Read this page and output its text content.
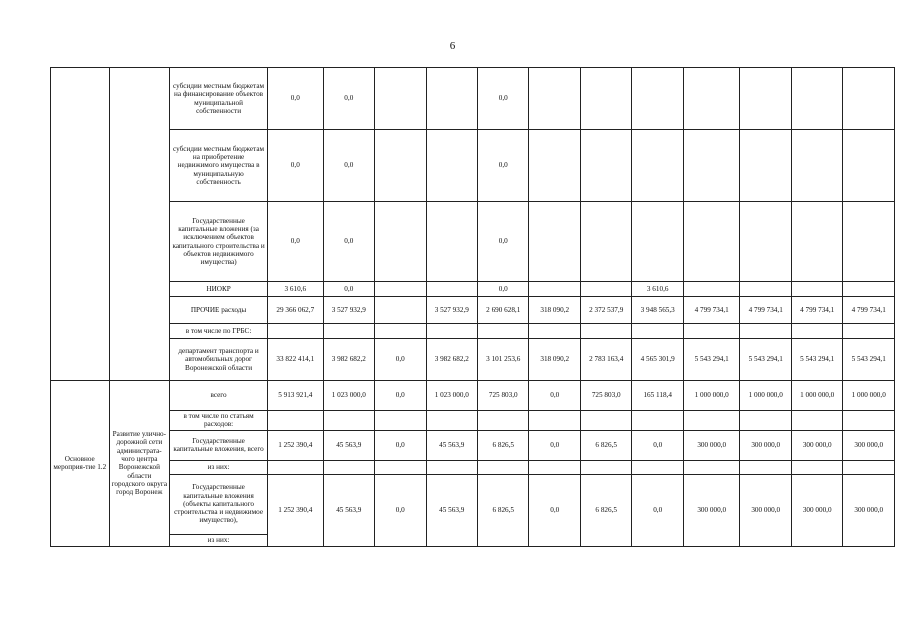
6
		субсидии местным бюджетам на финансирование объектов муниципальной собственности	0,0	0,0			0,0							
		субсидии местным бюджетам на приобретение недвижимого имущества в муниципальную собственность	0,0	0,0			0,0							
		Государственные капитальные вложения (за исключением объектов капитального строительства и объектов недвижимого имущества)	0,0	0,0			0,0							
		НИОКР	3 610,6	0,0			0,0			3 610,6				
		ПРОЧИЕ расходы	29 366 062,7	3 527 932,9		3 527 932,9	2 690 628,1	318 090,2	2 372 537,9	3 948 565,3	4 799 734,1	4 799 734,1	4 799 734,1	4 799 734,1
		в том числе по ГРБС:												
		департамент транспорта и автомобильных дорог Воронежской области	33 822 414,1	3 982 682,2	0,0	3 982 682,2	3 101 253,6	318 090,2	2 783 163,4	4 565 301,9	5 543 294,1	5 543 294,1	5 543 294,1	5 543 294,1
Основное мероприя-тие 1.2	Развитие улично-дорожной сети администрата-чого центра Воронежской области городского округа город Воронеж	всего	5 913 921,4	1 023 000,0	0,0	1 023 000,0	725 803,0	0,0	725 803,0	165 118,4	1 000 000,0	1 000 000,0	1 000 000,0	1 000 000,0
		в том числе по статьям расходов:												
		Государственные капитальные вложения, всего	1 252 390,4	45 563,9	0,0	45 563,9	6 826,5	0,0	6 826,5	0,0	300 000,0	300 000,0	300 000,0	300 000,0
		из них:												
		Государственные капитальные вложения (объекты капитального строительства и недвижимое имущество),	1 252 390,4	45 563,9	0,0	45 563,9	6 826,5	0,0	6 826,5	0,0	300 000,0	300 000,0	300 000,0	300 000,0
		из них:												
